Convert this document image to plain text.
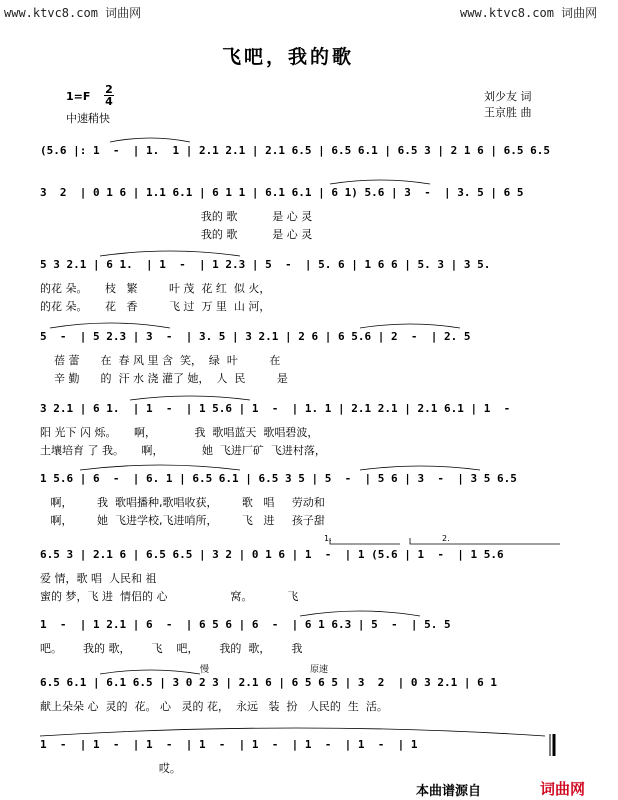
www.ktvc8.com 词曲网	www.ktvc8.com 词曲网
飞吧，我的歌
1=F
2

4
中速稍快
刘少友 词
王京胜 曲
(5.6 |: 1  -  | 1.  1 | 2.1 2.1 | 2.1 6.5 | 6.5 6.1 | 6.5 3 | 2 1 6 | 6.5 6.5
3  2  | 0 1 6 | 1.1 6.1 | 6 1 1 | 6.1 6.1 | 6 1) 5.6 | 3  -  | 3. 5 | 6 5
我的 歌          是 心 灵
我的 歌          是 心 灵
5 3 2.1 | 6 1.  | 1  -  | 1 2.3 | 5  -  | 5. 6 | 1 6 6 | 5. 3 | 3 5.
的花 朵。     枝   繁         叶 茂  花 红  似 火，
的花 朵。     花   香         飞 过  万 里  山 河，
5  -  | 5 2.3 | 3  -  | 3. 5 | 3 2.1 | 2 6 | 6 5.6 | 2  -  | 2. 5
蓓 蕾      在  春 风 里 含  笑，  绿  叶         在
辛 勤      的  汗 水 浇 灌了 她，  人  民         是
3 2.1 | 6 1.  | 1  -  | 1 5.6 | 1  -  | 1. 1 | 2.1 2.1 | 2.1 6.1 | 1  -
阳 光下 闪 烁。     啊，           我  歌唱蓝天  歌唱碧波，
土壤培育 了 我。     啊，           她  飞进厂矿  飞进村落，
1 5.6 | 6  -  | 6. 1 | 6.5 6.1 | 6.5 3 5 | 5  -  | 5 6 | 3  -  | 3 5 6.5
啊，       我  歌唱播种,歌唱收获，       歌   唱     劳动和
啊，       她  飞进学校,飞进哨所，       飞   进     孩子甜
1.	2.
6.5 3 | 2.1 6 | 6.5 6.5 | 3 2 | 0 1 6 | 1  -  | 1 (5.6 | 1  -  | 1 5.6
爱 情，歌 唱  人民和 祖
蜜的 梦，飞 进  情侣的 心                  窝。          飞
1  -  | 1 2.1 | 6  -  | 6 5 6 | 6  -  | 6 1 6.3 | 5  -  | 5. 5
吧。      我的 歌，      飞    吧，      我的  歌，      我
慢	原速
6.5 6.1 | 6.1 6.5 | 3 0 2 3 | 2.1 6 | 6 5 6 5 | 3  2  | 0 3 2.1 | 6 1
献上朵朵 心  灵的  花。 心   灵的 花，  永远   装  扮   人民的  生  活。
1  -  | 1  -  | 1  -  | 1  -  | 1  -  | 1  -  | 1  -  | 1
哎。
本曲谱源自	词曲网
